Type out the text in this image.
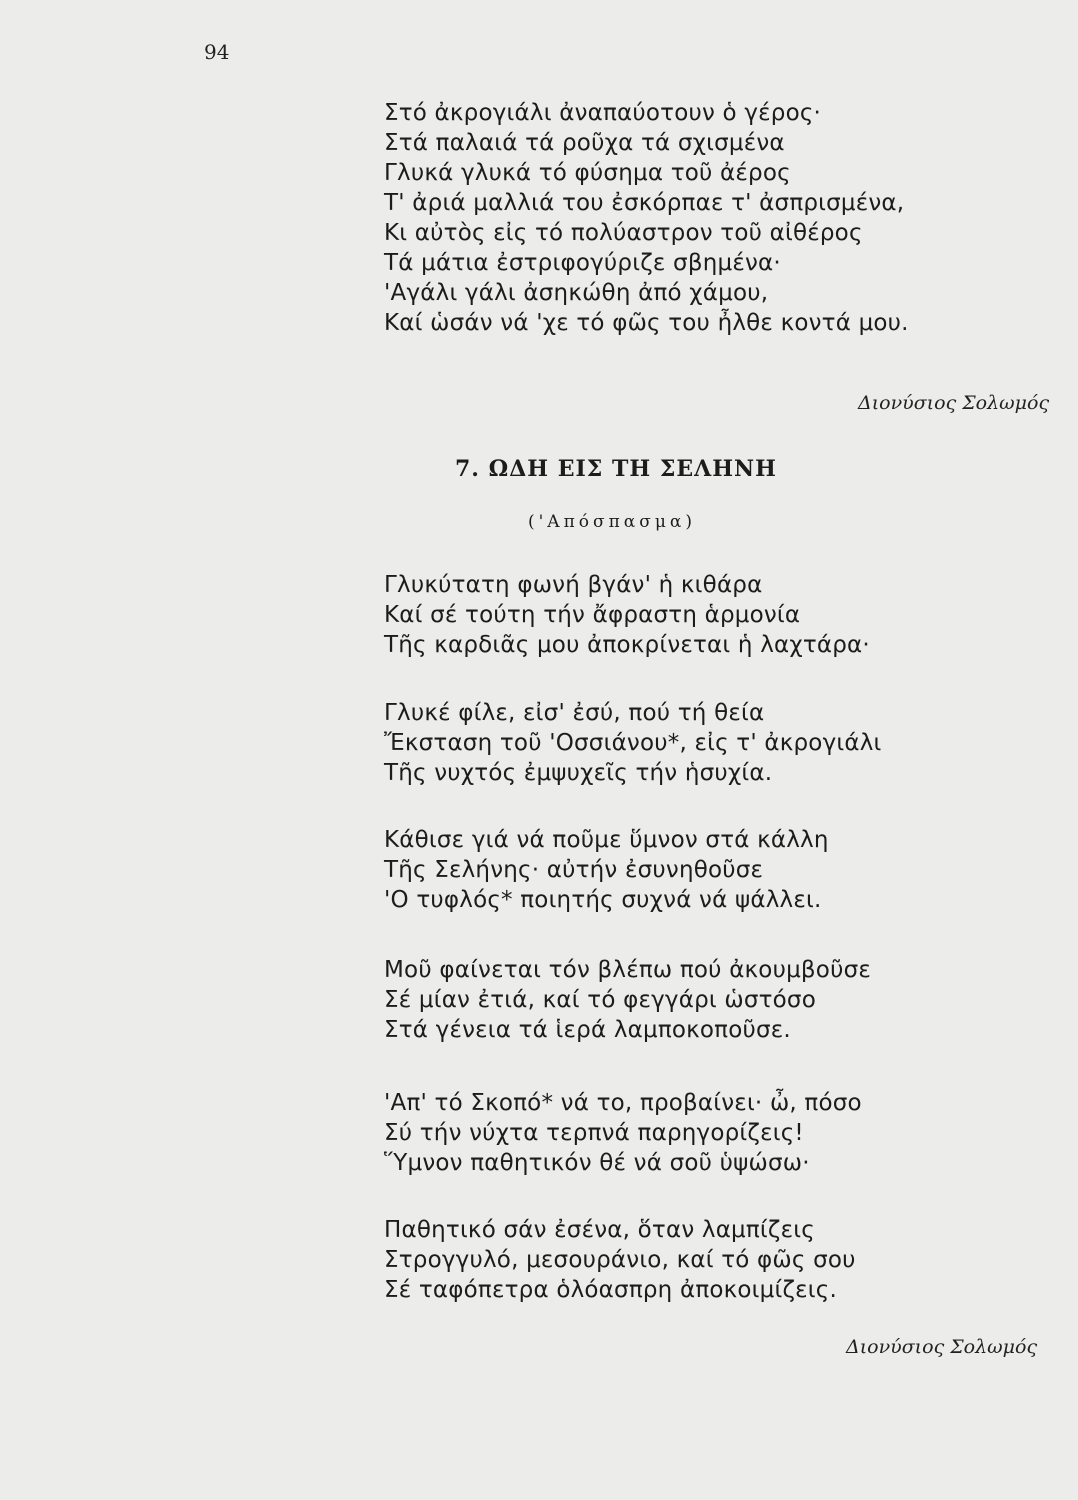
94
Στό ἀκρογιάλι ἀναπαύοτουν ὁ γέρος·
Στά παλαιά τά ροῦχα τά σχισμένα
Γλυκά γλυκά τό φύσημα τοῦ ἀέρος
Τ' ἀριά μαλλιά του ἐσκόρπαε τ' ἀσπρισμένα,
Κι αὐτὸς εἰς τό πολύαστρον τοῦ αἰθέρος
Τά μάτια ἐστριφογύριζε σβημένα·
'Αγάλι γάλι ἀσηκώθη ἀπό χάμου,
Καί ὡσάν νά 'χε τό φῶς του ἦλθε κοντά μου.
Διονύσιος Σολωμός
7. ΩΔΗ ΕΙΣ ΤΗ ΣΕΛΗΝΗ
('Απόσπασμα)
Γλυκύτατη φωνή βγάν' ἡ κιθάρα
Καί σέ τούτη τήν ἄφραστη ἁρμονία
Τῆς καρδιᾶς μου ἀποκρίνεται ἡ λαχτάρα·
Γλυκέ φίλε, εἰσ' ἐσύ, πού τή θεία
Ἔκσταση τοῦ 'Οσσιάνου*, εἰς τ' ἀκρογιάλι
Τῆς νυχτός ἐμψυχεῖς τήν ἡσυχία.
Κάθισε γιά νά ποῦμε ὕμνον στά κάλλη
Τῆς Σελήνης· αὐτήν ἐσυνηθοῦσε
'Ο τυφλός* ποιητής συχνά νά ψάλλει.
Μοῦ φαίνεται τόν βλέπω πού ἀκουμβοῦσε
Σέ μίαν ἐτιά, καί τό φεγγάρι ὡστόσο
Στά γένεια τά ἱερά λαμποκοποῦσε.
'Απ' τό Σκοπό* νά το, προβαίνει· ὦ, πόσο
Σύ τήν νύχτα τερπνά παρηγορίζεις!
Ὕμνον παθητικόν θέ νά σοῦ ὑψώσω·
Παθητικό σάν ἐσένα, ὅταν λαμπίζεις
Στρογγυλό, μεσουράνιο, καί τό φῶς σου
Σέ ταφόπετρα ὁλόασπρη ἀποκοιμίζεις.
Διονύσιος Σολωμός
